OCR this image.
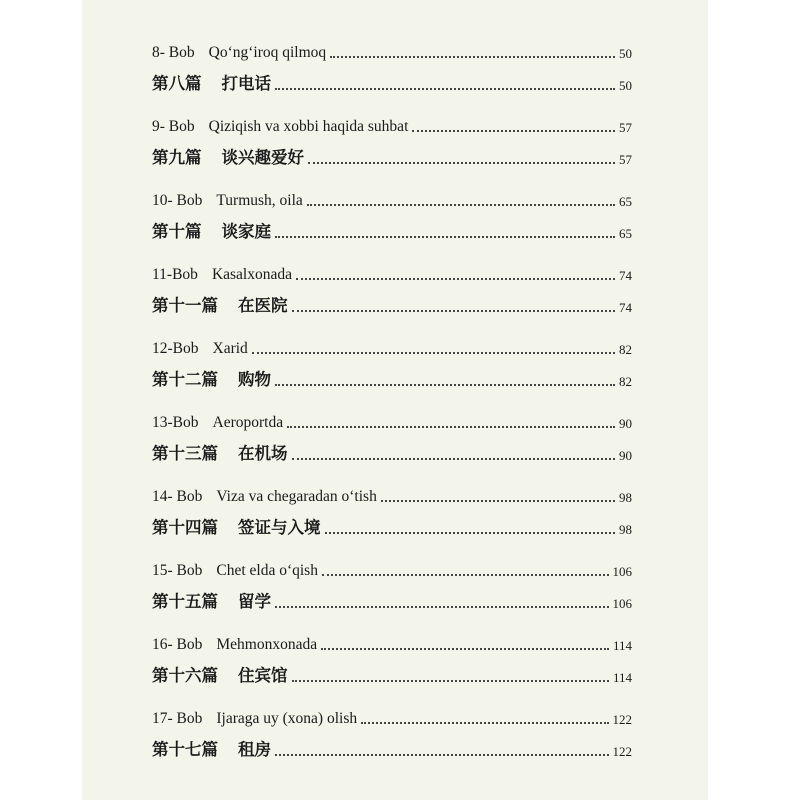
8- Bob Qo‘ng‘iroq qilmoq	50
第八篇 打电话	50
9- Bob Qiziqish va xobbi haqida suhbat	57
第九篇 谈兴趣爱好	57
10- Bob Turmush, oila	65
第十篇 谈家庭	65
11-Bob Kasalxonada	74
第十一篇 在医院	74
12-Bob Xarid	82
第十二篇 购物	82
13-Bob Aeroportda	90
第十三篇 在机场	90
14- Bob Viza va chegaradan o‘tish	98
第十四篇 签证与入境	98
15- Bob Chet elda o‘qish	106
第十五篇 留学	106
16- Bob Mehmonxonada	114
第十六篇 住宾馆	114
17- Bob Ijaraga uy (xona) olish	122
第十七篇 租房	122
